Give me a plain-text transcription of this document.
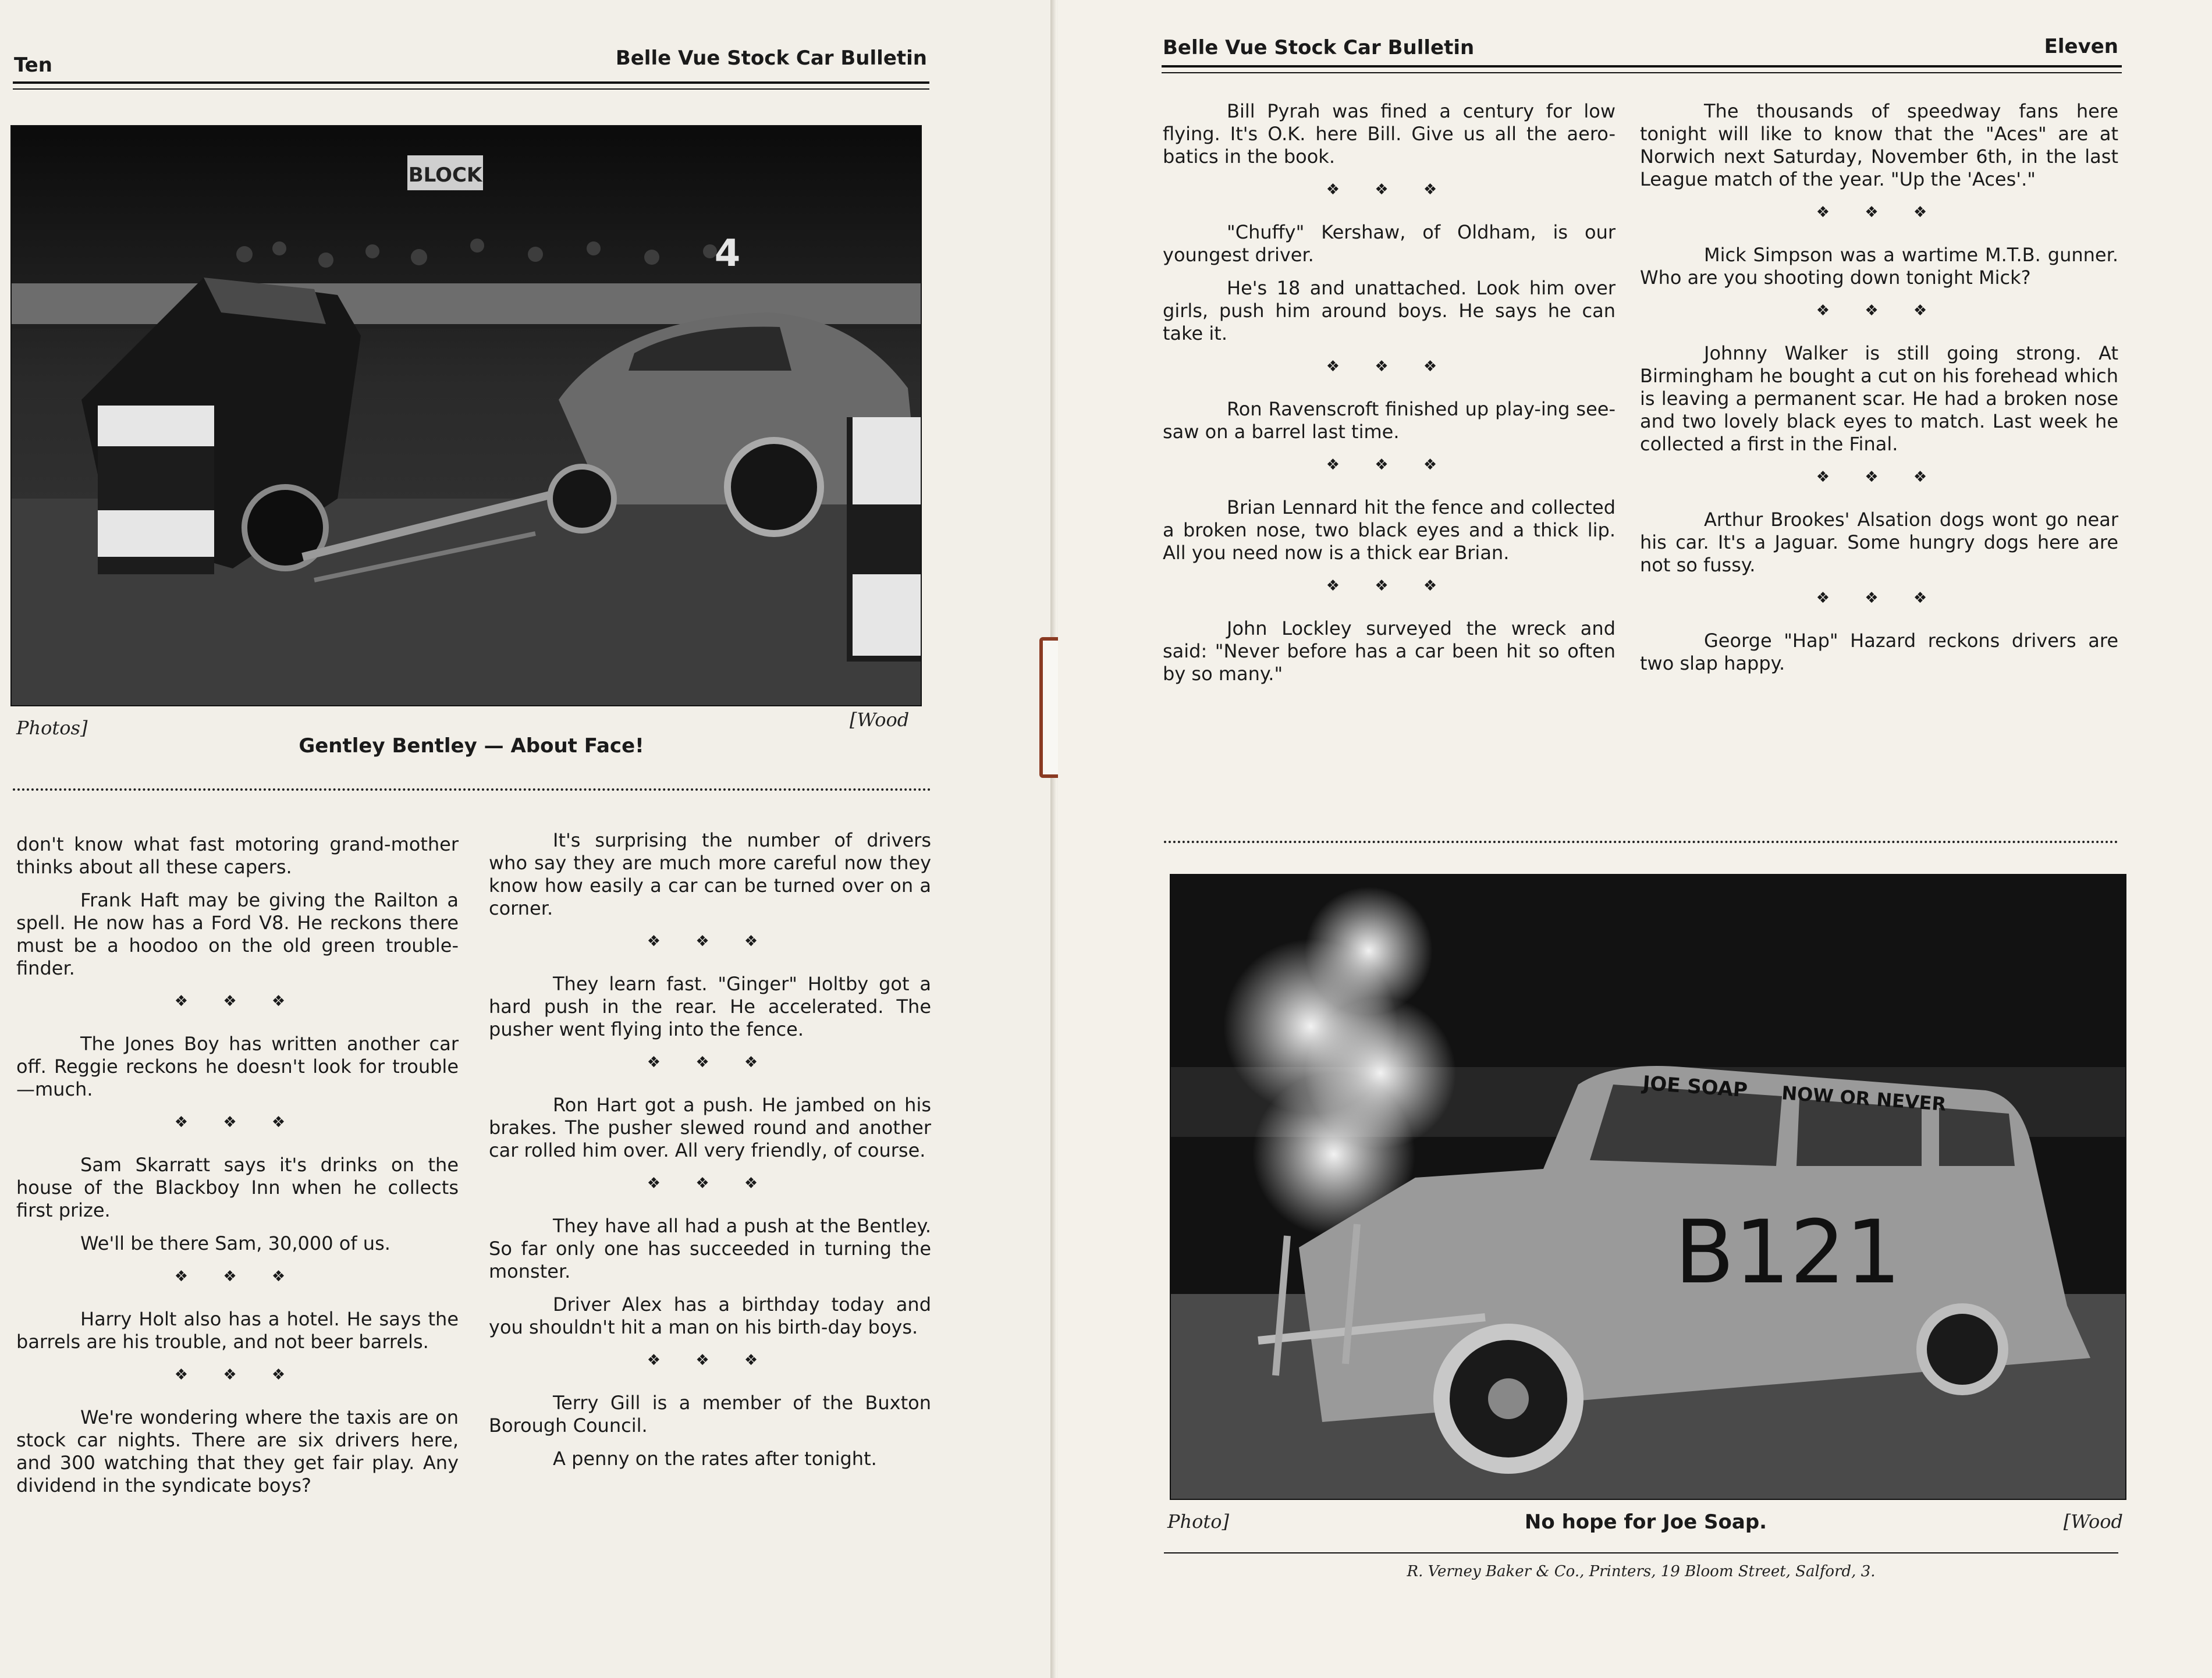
Ten	Belle Vue Stock Car Bulletin
BLOCK
4
Photos]	[Wood
Gentley Bentley — About Face!

don't know what fast motoring grand-mother thinks about all these capers.

Frank Haft may be giving the Railton a spell. He now has a Ford V8. He reckons there must be a hoodoo on the old green trouble-finder.

❖ ❖ ❖

The Jones Boy has written another car off. Reggie reckons he doesn't look for trouble—much.

❖ ❖ ❖

Sam Skarratt says it's drinks on the house of the Blackboy Inn when he collects first prize.

We'll be there Sam, 30,000 of us.

❖ ❖ ❖

Harry Holt also has a hotel. He says the barrels are his trouble, and not beer barrels.

❖ ❖ ❖

We're wondering where the taxis are on stock car nights. There are six drivers here, and 300 watching that they get fair play. Any dividend in the syndicate boys?

It's surprising the number of drivers who say they are much more careful now they know how easily a car can be turned over on a corner.

❖ ❖ ❖

They learn fast. "Ginger" Holtby got a hard push in the rear. He accelerated. The pusher went flying into the fence.

❖ ❖ ❖

Ron Hart got a push. He jambed on his brakes. The pusher slewed round and another car rolled him over. All very friendly, of course.

❖ ❖ ❖

They have all had a push at the Bentley. So far only one has succeeded in turning the monster.

Driver Alex has a birthday today and you shouldn't hit a man on his birth-day boys.

❖ ❖ ❖

Terry Gill is a member of the Buxton Borough Council.

A penny on the rates after tonight.

Belle Vue Stock Car Bulletin	Eleven

Bill Pyrah was fined a century for low flying. It's O.K. here Bill. Give us all the aero-batics in the book.

❖ ❖ ❖

"Chuffy" Kershaw, of Oldham, is our youngest driver.

He's 18 and unattached. Look him over girls, push him around boys. He says he can take it.

❖ ❖ ❖

Ron Ravenscroft finished up play-ing see-saw on a barrel last time.

❖ ❖ ❖

Brian Lennard hit the fence and collected a broken nose, two black eyes and a thick lip. All you need now is a thick ear Brian.

❖ ❖ ❖

John Lockley surveyed the wreck and said: "Never before has a car been hit so often by so many."

The thousands of speedway fans here tonight will like to know that the "Aces" are at Norwich next Saturday, November 6th, in the last League match of the year. "Up the 'Aces'."

❖ ❖ ❖

Mick Simpson was a wartime M.T.B. gunner. Who are you shooting down tonight Mick?

❖ ❖ ❖

Johnny Walker is still going strong. At Birmingham he bought a cut on his forehead which is leaving a permanent scar. He had a broken nose and two lovely black eyes to match. Last week he collected a first in the Final.

❖ ❖ ❖

Arthur Brookes' Alsation dogs wont go near his car. It's a Jaguar. Some hungry dogs here are not so fussy.

❖ ❖ ❖

George "Hap" Hazard reckons drivers are two slap happy.

JOE SOAP NOW OR NEVER
B121
Photo]	[Wood
No hope for Joe Soap.
R. Verney Baker & Co., Printers, 19 Bloom Street, Salford, 3.
